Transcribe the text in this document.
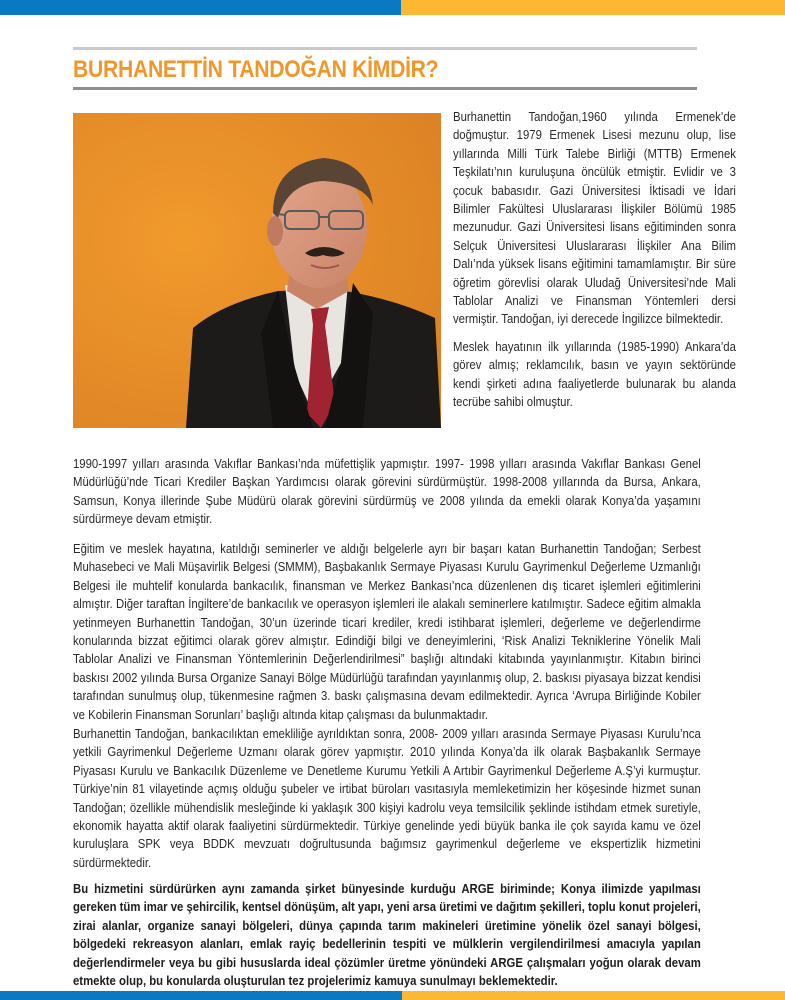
BURHANETTİN TANDOĞAN KİMDİR?

Burhanettin Tandoğan,1960 yılında Ermenek’de doğmuştur. 1979 Ermenek Lisesi mezunu olup, lise yıllarında Milli Türk Talebe Birliği (MTTB) Ermenek Teşkilatı’nın kuruluşuna öncülük etmiştir. Evlidir ve 3 çocuk babasıdır. Gazi Üniversitesi İktisadi ve İdari Bilimler Fakültesi Uluslararası İlişkiler Bölümü 1985 mezunudur. Gazi Üniversitesi lisans eğitiminden sonra Selçuk Üniversitesi Uluslararası İlişkiler Ana Bilim Dalı’nda yüksek lisans eğitimini tamamlamıştır. Bir süre öğretim görevlisi olarak Uludağ Üniversitesi’nde Mali Tablolar Analizi ve Finansman Yöntemleri dersi vermiştir. Tandoğan, iyi derecede İngilizce bilmektedir.

Meslek hayatının ilk yıllarında (1985-1990) Ankara’da görev almış; reklamcılık, basın ve yayın sektöründe kendi şirketi adına faaliyetlerde bulunarak bu alanda tecrübe sahibi olmuştur.

1990-1997 yılları arasında Vakıflar Bankası’nda müfettişlik yapmıştır. 1997- 1998 yılları arasında Vakıflar Bankası Genel Müdürlüğü’nde Ticari Krediler Başkan Yardımcısı olarak görevini sürdürmüştür. 1998-2008 yıllarında da Bursa, Ankara, Samsun, Konya illerinde Şube Müdürü olarak görevini sürdürmüş ve 2008 yılında da emekli olarak Konya’da yaşamını sürdürmeye devam etmiştir.

Eğitim ve meslek hayatına, katıldığı seminerler ve aldığı belgelerle ayrı bir başarı katan Burhanettin Tandoğan; Serbest Muhasebeci ve Mali Müşavirlik Belgesi (SMMM), Başbakanlık Sermaye Piyasası Kurulu Gayrimenkul Değerleme Uzmanlığı Belgesi ile muhtelif konularda bankacılık, finansman ve Merkez Bankası’nca düzenlenen dış ticaret işlemleri eğitimlerini almıştır. Diğer taraftan İngiltere’de bankacılık ve operasyon işlemleri ile alakalı seminerlere katılmıştır. Sadece eğitim almakla yetinmeyen Burhanettin Tandoğan, 30’un üzerinde ticari krediler, kredi istihbarat işlemleri, değerleme ve değerlendirme konularında bizzat eğitimci olarak görev almıştır. Edindiği bilgi ve deneyimlerini, ‘Risk Analizi Tekniklerine Yönelik Mali Tablolar Analizi ve Finansman Yöntemlerinin Değerlendirilmesi” başlığı altındaki kitabında yayınlanmıştır. Kitabın birinci baskısı 2002 yılında Bursa Organize Sanayi Bölge Müdürlüğü tarafından yayınlanmış olup, 2. baskısı piyasaya bizzat kendisi tarafından sunulmuş olup, tükenmesine rağmen 3. baskı çalışmasına devam edilmektedir. Ayrıca ‘Avrupa Birliğinde Kobiler ve Kobilerin Finansman Sorunları’ başlığı altında kitap çalışması da bulunmaktadır.

Burhanettin Tandoğan, bankacılıktan emekliliğe ayrıldıktan sonra, 2008- 2009 yılları arasında Sermaye Piyasası Kurulu’nca yetkili Gayrimenkul Değerleme Uzmanı olarak görev yapmıştır. 2010 yılında Konya’da ilk olarak Başbakanlık Sermaye Piyasası Kurulu ve Bankacılık Düzenleme ve Denetleme Kurumu Yetkili A Artıbir Gayrimenkul Değerleme A.Ş’yi kurmuştur. Türkiye’nin 81 vilayetinde açmış olduğu şubeler ve irtibat büroları vasıtasıyla memleketimizin her köşesinde hizmet sunan Tandoğan; özellikle mühendislik mesleğinde ki yaklaşık 300 kişiyi kadrolu veya temsilcilik şeklinde istihdam etmek suretiyle, ekonomik hayatta aktif olarak faaliyetini sürdürmektedir. Türkiye genelinde yedi büyük banka ile çok sayıda kamu ve özel kuruluşlara SPK veya BDDK mevzuatı doğrultusunda bağımsız gayrimenkul değerleme ve ekspertizlik hizmetini sürdürmektedir.

Bu hizmetini sürdürürken aynı zamanda şirket bünyesinde kurduğu ARGE biriminde; Konya ilimizde yapılması gereken tüm imar ve şehircilik, kentsel dönüşüm, alt yapı, yeni arsa üretimi ve dağıtım şekilleri, toplu konut projeleri, zirai alanlar, organize sanayi bölgeleri, dünya çapında tarım makineleri üretimine yönelik özel sanayi bölgesi, bölgedeki rekreasyon alanları, emlak rayiç bedellerinin tespiti ve mülklerin vergilendirilmesi amacıyla yapılan değerlendirmeler veya bu gibi hususlarda ideal çözümler üretme yönündeki ARGE çalışmaları yoğun olarak devam etmekte olup, bu konularda oluşturulan tez projelerimiz kamuya sunulmayı beklemektedir.
